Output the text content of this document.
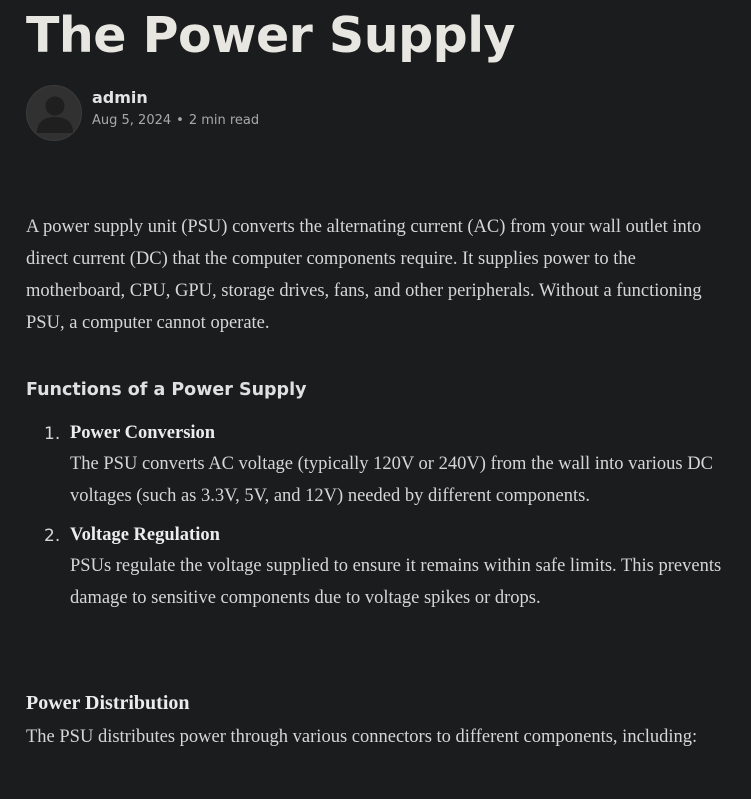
The Power Supply
admin
Aug 5, 2024 • 2 min read

A power supply unit (PSU) converts the alternating current (AC) from your wall outlet into direct current (DC) that the computer components require. It supplies power to the motherboard, CPU, GPU, storage drives, fans, and other peripherals. Without a functioning PSU, a computer cannot operate.

Functions of a Power Supply
1. Power Conversion
The PSU converts AC voltage (typically 120V or 240V) from the wall into various DC voltages (such as 3.3V, 5V, and 12V) needed by different components.
2. Voltage Regulation
PSUs regulate the voltage supplied to ensure it remains within safe limits. This prevents damage to sensitive components due to voltage spikes or drops.
Power Distribution

The PSU distributes power through various connectors to different components, including:
